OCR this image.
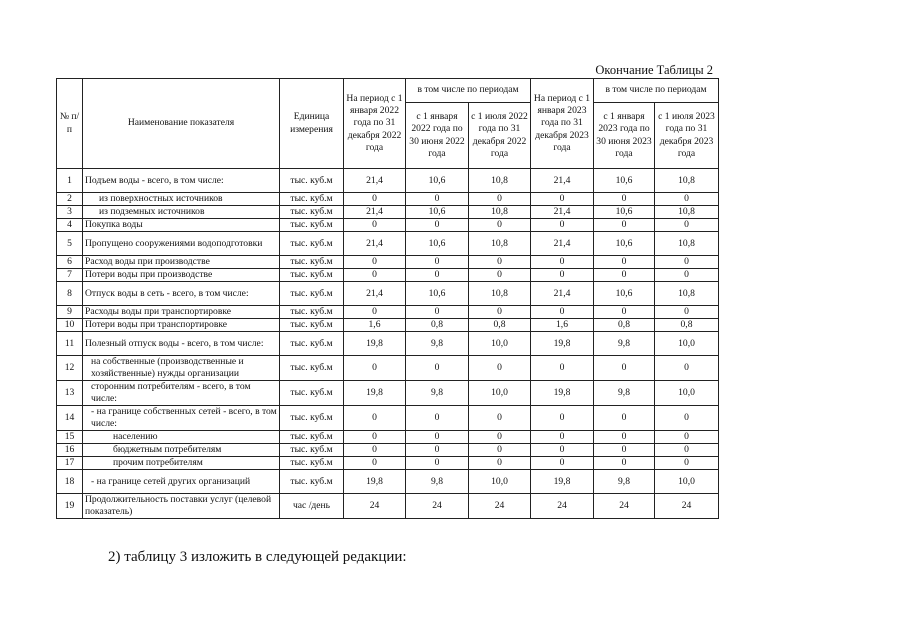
Окончание Таблицы 2
№ п/п	Наименование показателя	Единица измерения	На период с 1 января 2022 года по 31 декабря 2022 года	в том числе по периодам		На период с 1 января 2023 года по 31 декабря 2023 года	в том числе по периодам	
				с 1 января 2022 года по 30 июня 2022 года	с 1 июля 2022 года по 31 декабря 2022 года		с 1 января 2023 года по 30 июня 2023 года	с 1 июля 2023 года по 31 декабря 2023 года
1	Подъем воды - всего, в том числе:	тыс. куб.м	21,4	10,6	10,8	21,4	10,6	10,8
2	из поверхностных источников	тыс. куб.м	0	0	0	0	0	0
3	из подземных источников	тыс. куб.м	21,4	10,6	10,8	21,4	10,6	10,8
4	Покупка воды	тыс. куб.м	0	0	0	0	0	0
5	Пропущено сооружениями водоподготовки	тыс. куб.м	21,4	10,6	10,8	21,4	10,6	10,8
6	Расход воды при производстве	тыс. куб.м	0	0	0	0	0	0
7	Потери воды при производстве	тыс. куб.м	0	0	0	0	0	0
8	Отпуск воды в сеть - всего, в том числе:	тыс. куб.м	21,4	10,6	10,8	21,4	10,6	10,8
9	Расходы воды при транспортировке	тыс. куб.м	0	0	0	0	0	0
10	Потери воды при транспортировке	тыс. куб.м	1,6	0,8	0,8	1,6	0,8	0,8
11	Полезный отпуск воды - всего, в том числе:	тыс. куб.м	19,8	9,8	10,0	19,8	9,8	10,0
12	на собственные (производственные и хозяйственные) нужды организации	тыс. куб.м	0	0	0	0	0	0
13	сторонним потребителям - всего, в том числе:	тыс. куб.м	19,8	9,8	10,0	19,8	9,8	10,0
14	- на границе собственных сетей - всего, в том числе:	тыс. куб.м	0	0	0	0	0	0
15	населению	тыс. куб.м	0	0	0	0	0	0
16	бюджетным потребителям	тыс. куб.м	0	0	0	0	0	0
17	прочим потребителям	тыс. куб.м	0	0	0	0	0	0
18	- на границе сетей других организаций	тыс. куб.м	19,8	9,8	10,0	19,8	9,8	10,0
19	Продолжительность поставки услуг (целевой показатель)	час /день	24	24	24	24	24	24
2) таблицу 3 изложить в следующей редакции:
